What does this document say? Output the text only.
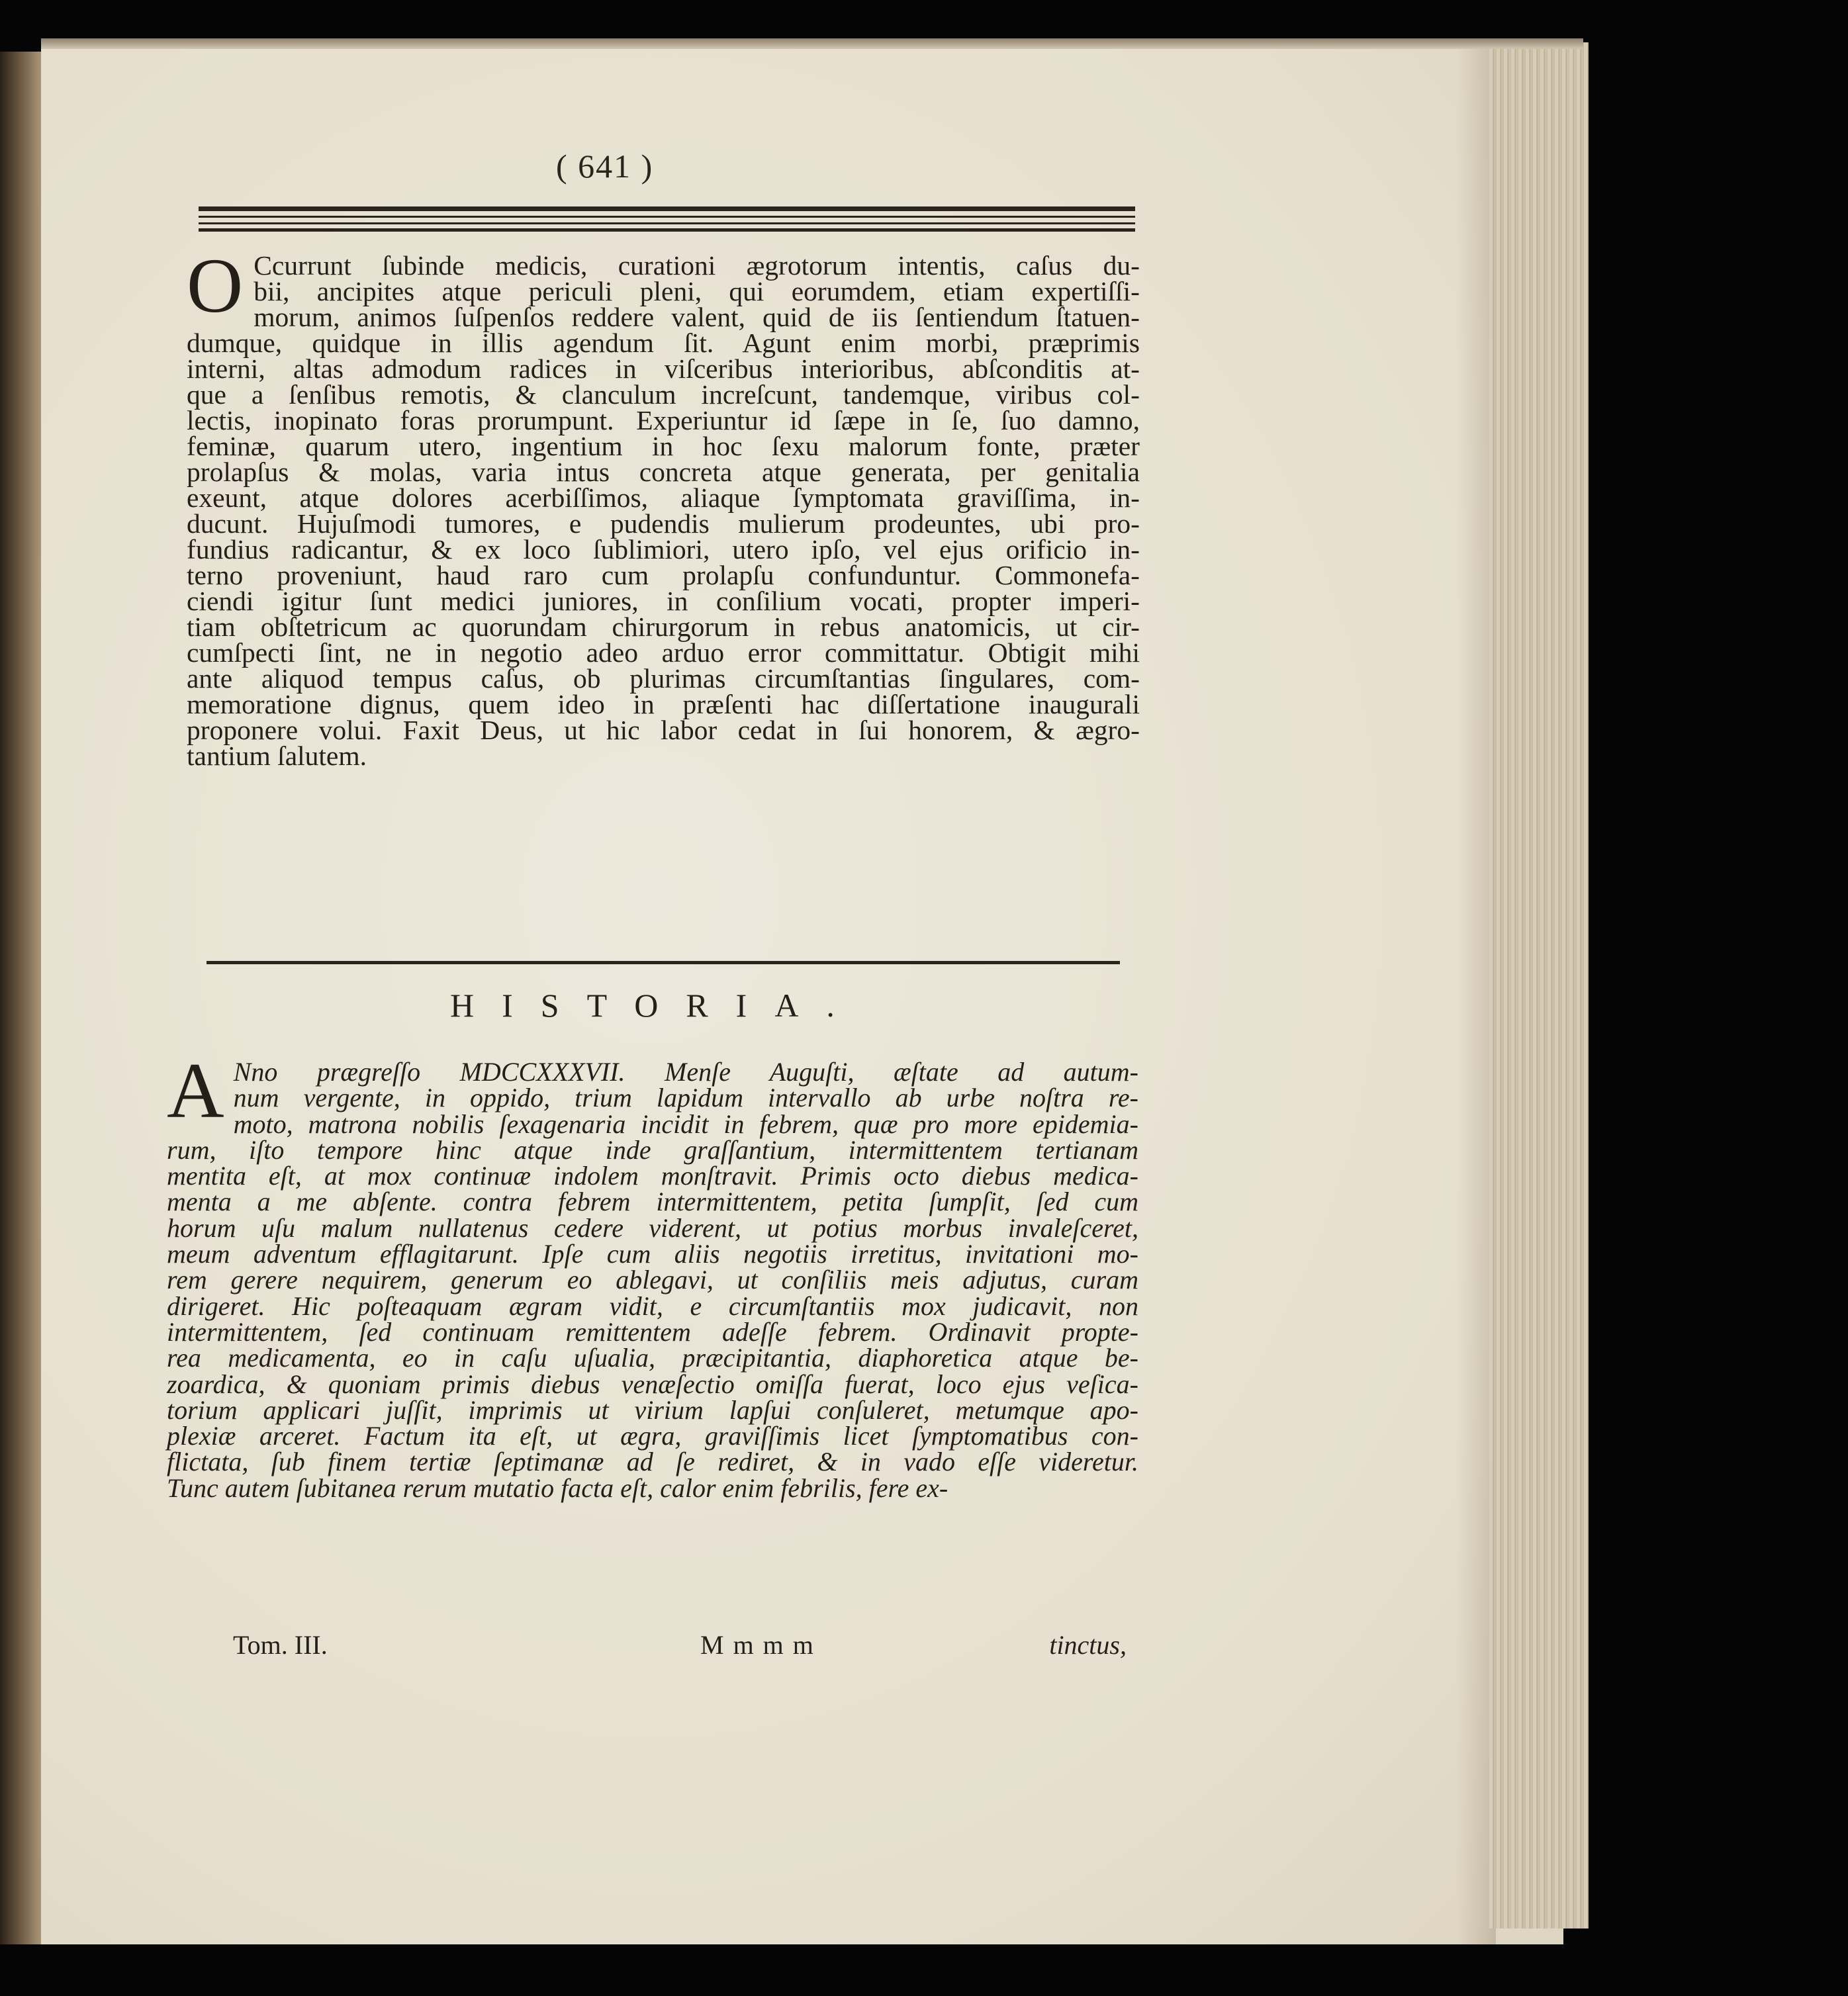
( 641 )
O Ccurrunt ſubinde medicis, curationi ægrotorum intentis, caſus du-
bii, ancipites atque periculi pleni, qui eorumdem, etiam expertiſſi-
morum, animos ſuſpenſos reddere valent, quid de iis ſentiendum ſtatuen-
dumque, quidque in illis agendum ſit. Agunt enim morbi, præprimis
interni, altas admodum radices in viſceribus interioribus, abſconditis at-
que a ſenſibus remotis, & clanculum increſcunt, tandemque, viribus col-
lectis, inopinato foras prorumpunt. Experiuntur id ſæpe in ſe, ſuo damno,
feminæ, quarum utero, ingentium in hoc ſexu malorum fonte, præter
prolapſus & molas, varia intus concreta atque generata, per genitalia
exeunt, atque dolores acerbiſſimos, aliaque ſymptomata graviſſima, in-
ducunt. Hujuſmodi tumores, e pudendis mulierum prodeuntes, ubi pro-
fundius radicantur, & ex loco ſublimiori, utero ipſo, vel ejus orificio in-
terno proveniunt, haud raro cum prolapſu confunduntur. Commonefa-
ciendi igitur ſunt medici juniores, in conſilium vocati, propter imperi-
tiam obſtetricum ac quorundam chirurgorum in rebus anatomicis, ut cir-
cumſpecti ſint, ne in negotio adeo arduo error committatur. Obtigit mihi
ante aliquod tempus caſus, ob plurimas circumſtantias ſingulares, com-
memoratione dignus, quem ideo in præſenti hac diſſertatione inaugurali
proponere volui. Faxit Deus, ut hic labor cedat in ſui honorem, & ægro-
tantium ſalutem.
HISTORIA.
A Nno prægreſſo MDCCXXXVII. Menſe Auguſti, æſtate ad autum-
num vergente, in oppido, trium lapidum intervallo ab urbe noſtra re-
moto, matrona nobilis ſexagenaria incidit in febrem, quæ pro more epidemia-
rum, iſto tempore hinc atque inde graſſantium, intermittentem tertianam
mentita eſt, at mox continuæ indolem monſtravit. Primis octo diebus medica-
menta a me abſente. contra febrem intermittentem, petita ſumpſit, ſed cum
horum uſu malum nullatenus cedere viderent, ut potius morbus invaleſceret,
meum adventum efflagitarunt. Ipſe cum aliis negotiis irretitus, invitationi mo-
rem gerere nequirem, generum eo ablegavi, ut conſiliis meis adjutus, curam
dirigeret. Hic poſteaquam ægram vidit, e circumſtantiis mox judicavit, non
intermittentem, ſed continuam remittentem adeſſe febrem. Ordinavit propte-
rea medicamenta, eo in caſu uſualia, præcipitantia, diaphoretica atque be-
zoardica, & quoniam primis diebus venæſectio omiſſa fuerat, loco ejus veſica-
torium applicari juſſit, imprimis ut virium lapſui conſuleret, metumque apo-
plexiæ arceret. Factum ita eſt, ut ægra, graviſſimis licet ſymptomatibus con-
flictata, ſub finem tertiæ ſeptimanæ ad ſe rediret, & in vado eſſe videretur.
Tunc autem ſubitanea rerum mutatio facta eſt, calor enim febrilis, fere ex-
Tom. III.	Mmmm	tinctus,
